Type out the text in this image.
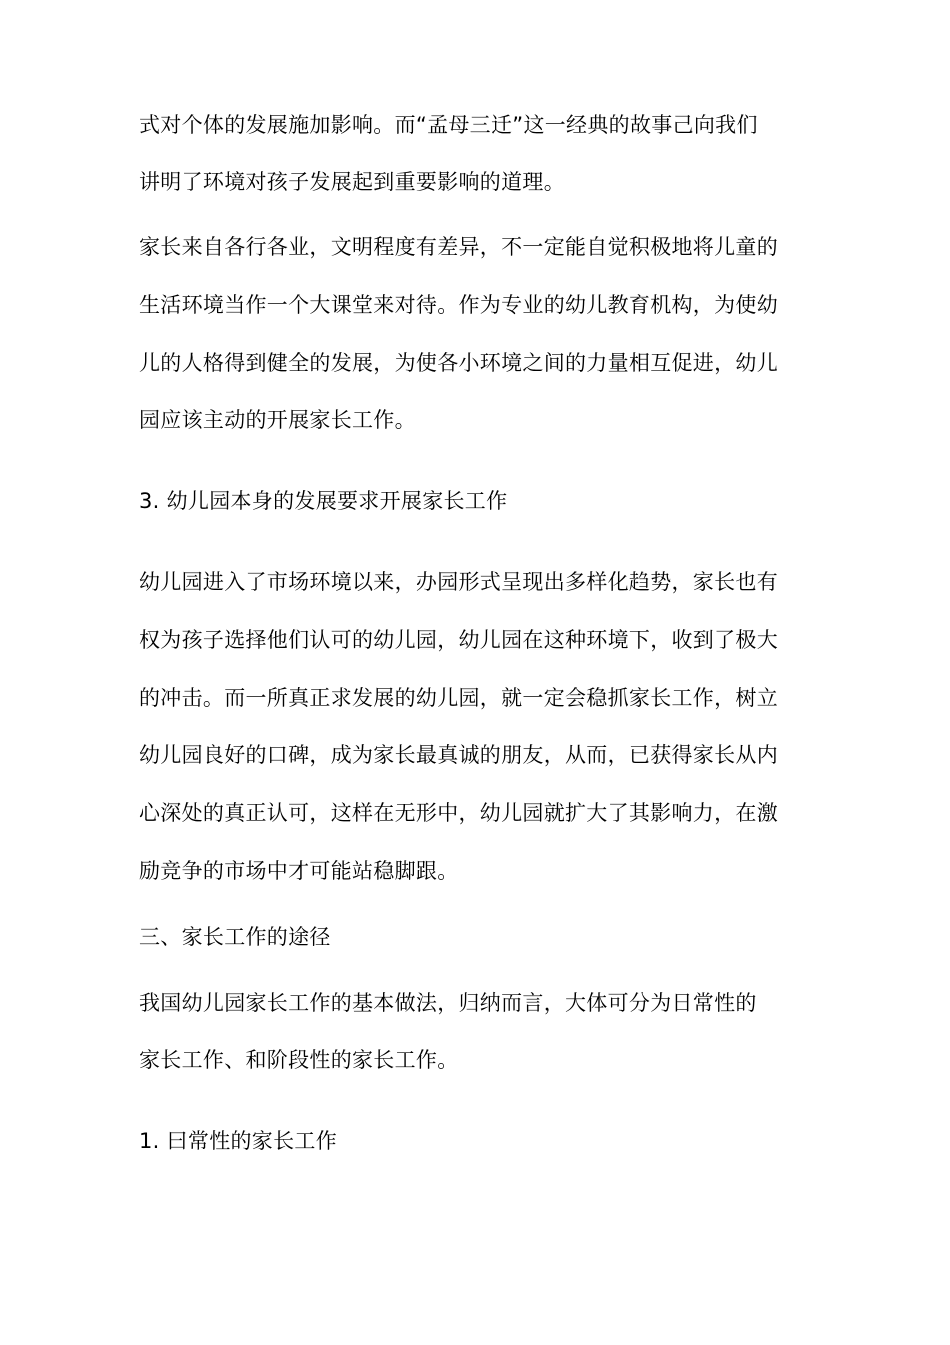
式对个体的发展施加影响。而“孟母三迁”这一经典的故事己向我们
讲明了环境对孩子发展起到重要影响的道理。
家长来自各行各业，文明程度有差异，不一定能自觉积极地将儿童的
生活环境当作一个大课堂来对待。作为专业的幼儿教育机构，为使幼
儿的人格得到健全的发展，为使各小环境之间的力量相互促进，幼儿
园应该主动的开展家长工作。
3. 幼儿园本身的发展要求开展家长工作
幼儿园进入了市场环境以来，办园形式呈现出多样化趋势，家长也有
权为孩子选择他们认可的幼儿园，幼儿园在这种环境下，收到了极大
的冲击。而一所真正求发展的幼儿园，就一定会稳抓家长工作，树立
幼儿园良好的口碑，成为家长最真诚的朋友，从而，已获得家长从内
心深处的真正认可，这样在无形中，幼儿园就扩大了其影响力，在激
励竞争的市场中才可能站稳脚跟。
三、家长工作的途径
我国幼儿园家长工作的基本做法，归纳而言，大体可分为日常性的
家长工作、和阶段性的家长工作。
1. 曰常性的家长工作
